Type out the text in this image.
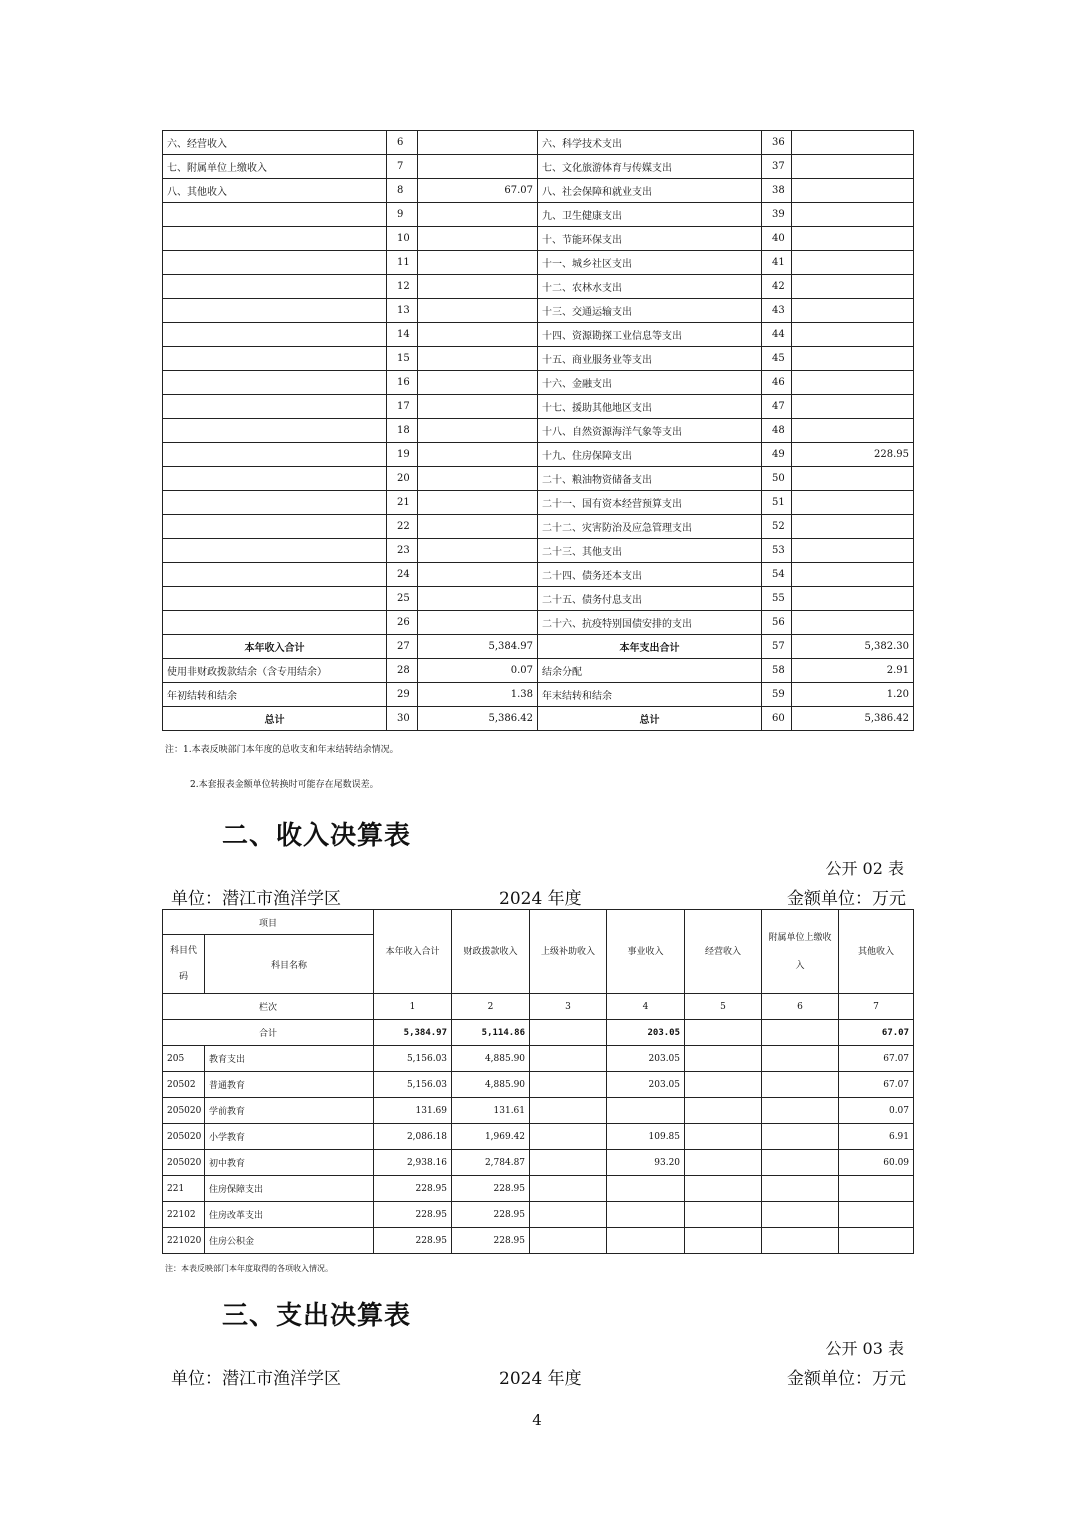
六、经营收入	6		六、科学技术支出	36	
七、附属单位上缴收入	7		七、文化旅游体育与传媒支出	37	
八、其他收入	8	67.07	八、社会保障和就业支出	38	
	9		九、卫生健康支出	39	
	10		十、节能环保支出	40	
	11		十一、城乡社区支出	41	
	12		十二、农林水支出	42	
	13		十三、交通运输支出	43	
	14		十四、资源勘探工业信息等支出	44	
	15		十五、商业服务业等支出	45	
	16		十六、金融支出	46	
	17		十七、援助其他地区支出	47	
	18		十八、自然资源海洋气象等支出	48	
	19		十九、住房保障支出	49	228.95
	20		二十、粮油物资储备支出	50	
	21		二十一、国有资本经营预算支出	51	
	22		二十二、灾害防治及应急管理支出	52	
	23		二十三、其他支出	53	
	24		二十四、债务还本支出	54	
	25		二十五、债务付息支出	55	
	26		二十六、抗疫特别国债安排的支出	56	
本年收入合计	27	5,384.97	本年支出合计	57	5,382.30
使用非财政拨款结余（含专用结余）	28	0.07	结余分配	58	2.91
年初结转和结余	29	1.38	年末结转和结余	59	1.20
总计	30	5,386.42	总计	60	5,386.42
注：1.本表反映部门本年度的总收支和年末结转结余情况。
2.本套报表金额单位转换时可能存在尾数误差。
二、收入决算表
公开 02 表
单位：潜江市渔洋学区	2024 年度	金额单位：万元
项目		本年收入合计	财政拨款收入	上级补助收入	事业收入	经营收入	附属单位上缴收入	其他收入
科目代码	科目名称							
栏次		1	2	3	4	5	6	7
合计		5,384.97	5,114.86		203.05			67.07
205	教育支出	5,156.03	4,885.90		203.05			67.07
20502	普通教育	5,156.03	4,885.90		203.05			67.07
205020	学前教育	131.69	131.61					0.07
205020	小学教育	2,086.18	1,969.42		109.85			6.91
205020	初中教育	2,938.16	2,784.87		93.20			60.09
221	住房保障支出	228.95	228.95					
22102	住房改革支出	228.95	228.95					
221020	住房公积金	228.95	228.95					
注：本表反映部门本年度取得的各项收入情况。
三、支出决算表
公开 03 表
单位：潜江市渔洋学区	2024 年度	金额单位：万元
4
